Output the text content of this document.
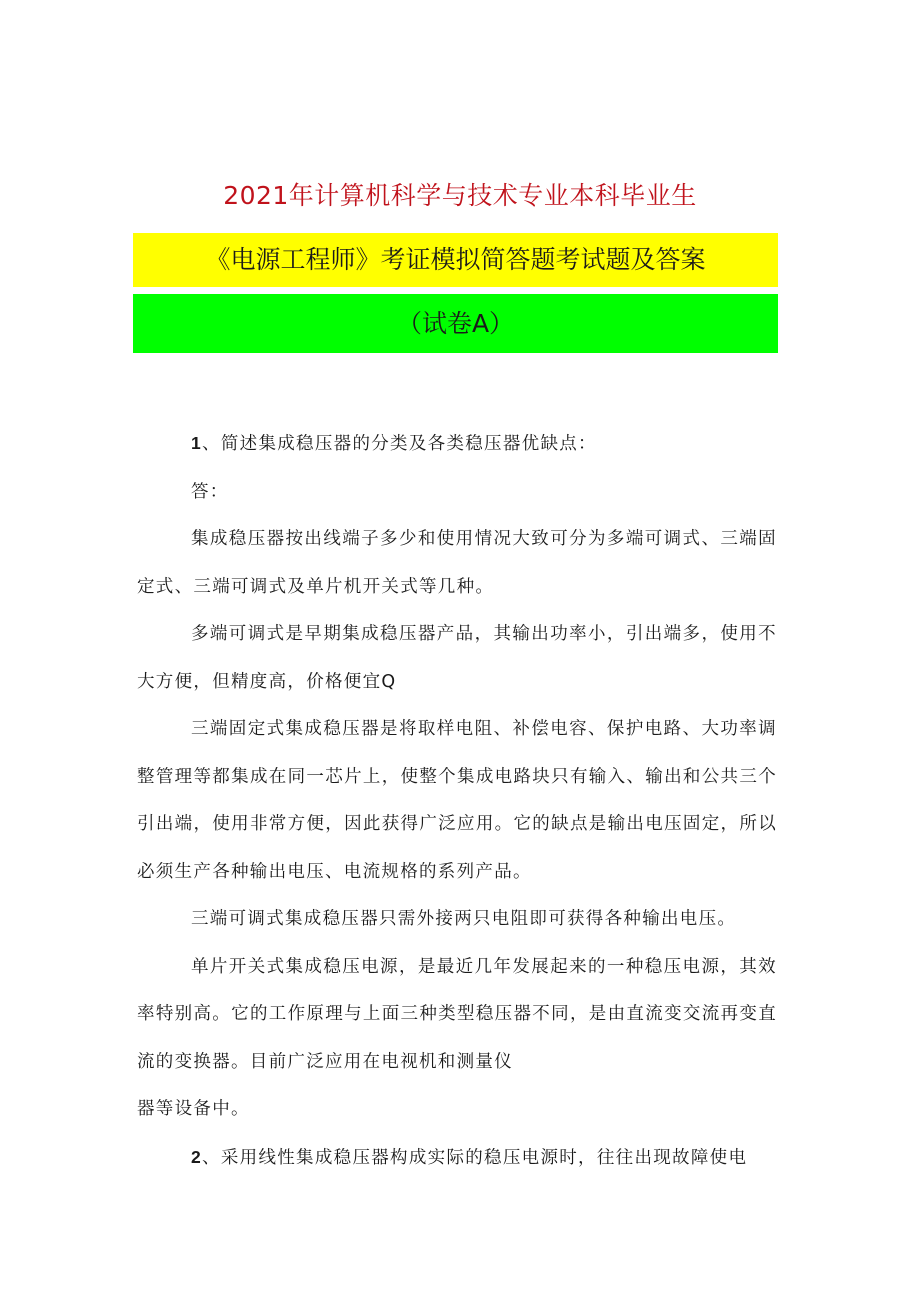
2021年计算机科学与技术专业本科毕业生
《电源工程师》考证模拟简答题考试题及答案
（试卷A）

1、简述集成稳压器的分类及各类稳压器优缺点：

答：

集成稳压器按出线端子多少和使用情况大致可分为多端可调式、三端固定式、三端可调式及单片机开关式等几种。

多端可调式是早期集成稳压器产品，其输出功率小，引出端多，使用不大方便，但精度高，价格便宜Q

三端固定式集成稳压器是将取样电阻、补偿电容、保护电路、大功率调整管理等都集成在同一芯片上，使整个集成电路块只有输入、输出和公共三个引出端，使用非常方便，因此获得广泛应用。它的缺点是输出电压固定，所以必须生产各种输出电压、电流规格的系列产品。

三端可调式集成稳压器只需外接两只电阻即可获得各种输出电压。

单片开关式集成稳压电源，是最近几年发展起来的一种稳压电源，其效率特别高。它的工作原理与上面三种类型稳压器不同，是由直流变交流再变直流的变换器。目前广泛应用在电视机和测量仪

器等设备中。

2、采用线性集成稳压器构成实际的稳压电源时，往往出现故障使电
